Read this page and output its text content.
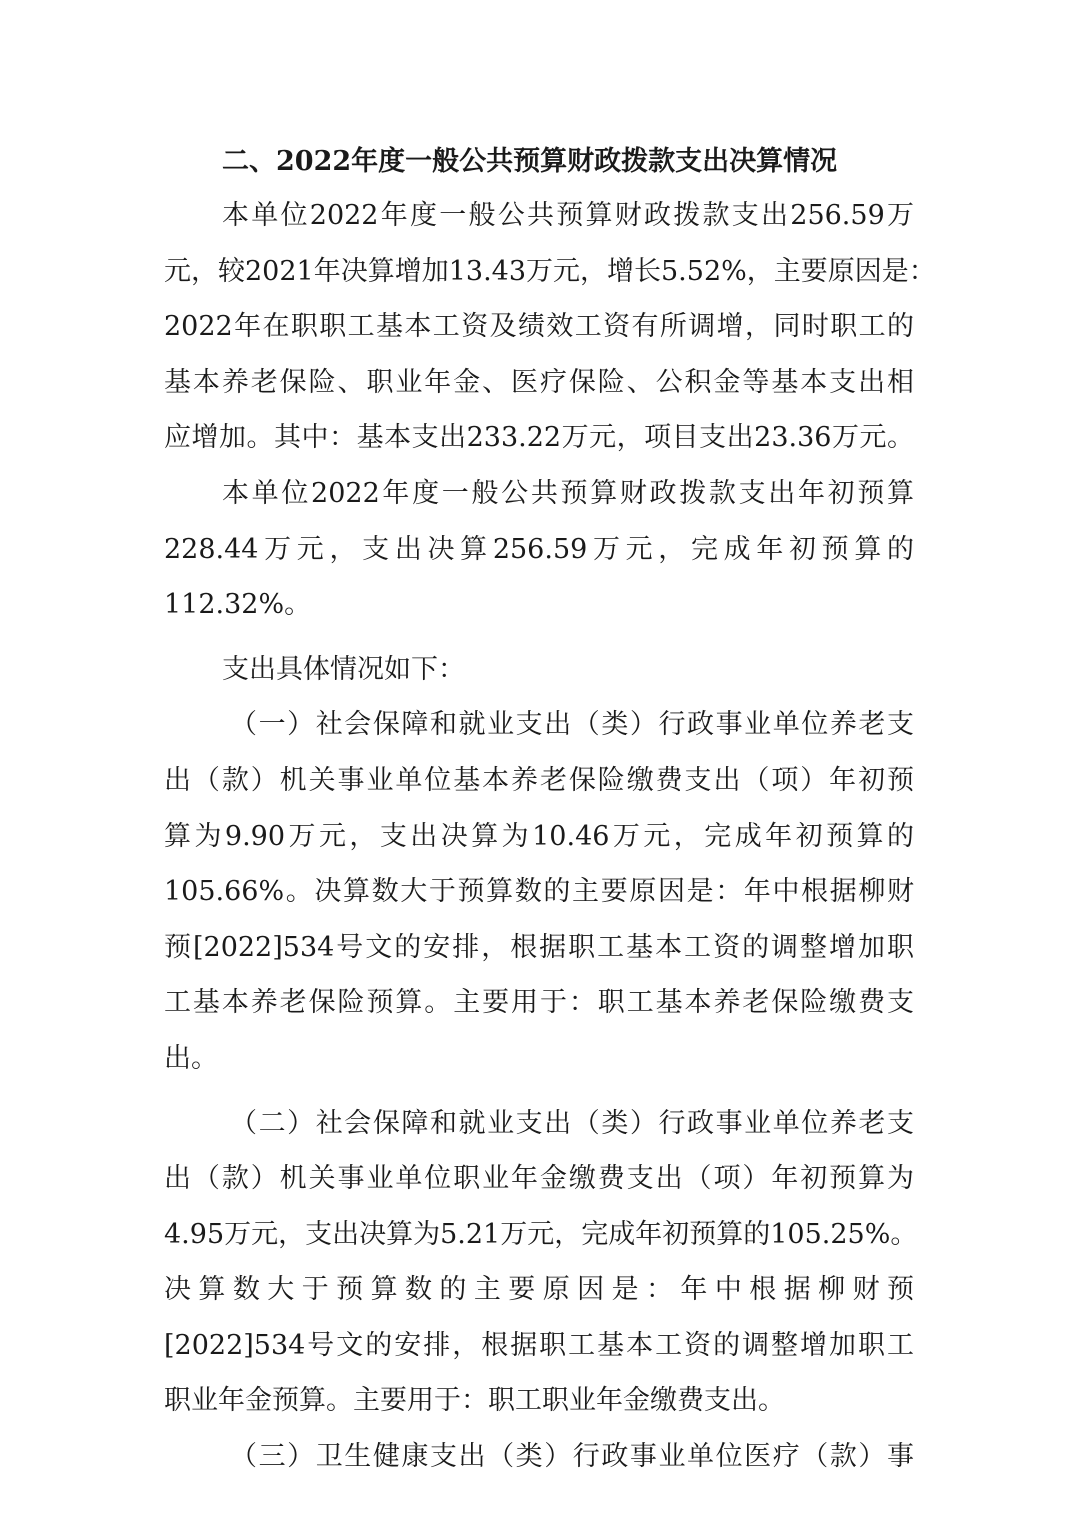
二、2022年度一般公共预算财政拨款支出决算情况
本单位2022年度一般公共预算财政拨款支出256.59万
元，较2021年决算增加13.43万元，增长5.52%，主要原因是：
2022年在职职工基本工资及绩效工资有所调增，同时职工的
基本养老保险、职业年金、医疗保险、公积金等基本支出相
应增加。其中：基本支出233.22万元，项目支出23.36万元。
本单位2022年度一般公共预算财政拨款支出年初预算
228.44万元，支出决算256.59万元，完成年初预算的
112.32%。
支出具体情况如下：
（一）社会保障和就业支出（类）行政事业单位养老支
出（款）机关事业单位基本养老保险缴费支出（项）年初预
算为9.90万元，支出决算为10.46万元，完成年初预算的
105.66%。决算数大于预算数的主要原因是：年中根据柳财
预[2022]534号文的安排，根据职工基本工资的调整增加职
工基本养老保险预算。主要用于：职工基本养老保险缴费支
出。
（二）社会保障和就业支出（类）行政事业单位养老支
出（款）机关事业单位职业年金缴费支出（项）年初预算为
4.95万元，支出决算为5.21万元，完成年初预算的105.25%。
决算数大于预算数的主要原因是：年中根据柳财预
[2022]534号文的安排，根据职工基本工资的调整增加职工
职业年金预算。主要用于：职工职业年金缴费支出。
（三）卫生健康支出（类）行政事业单位医疗（款）事
